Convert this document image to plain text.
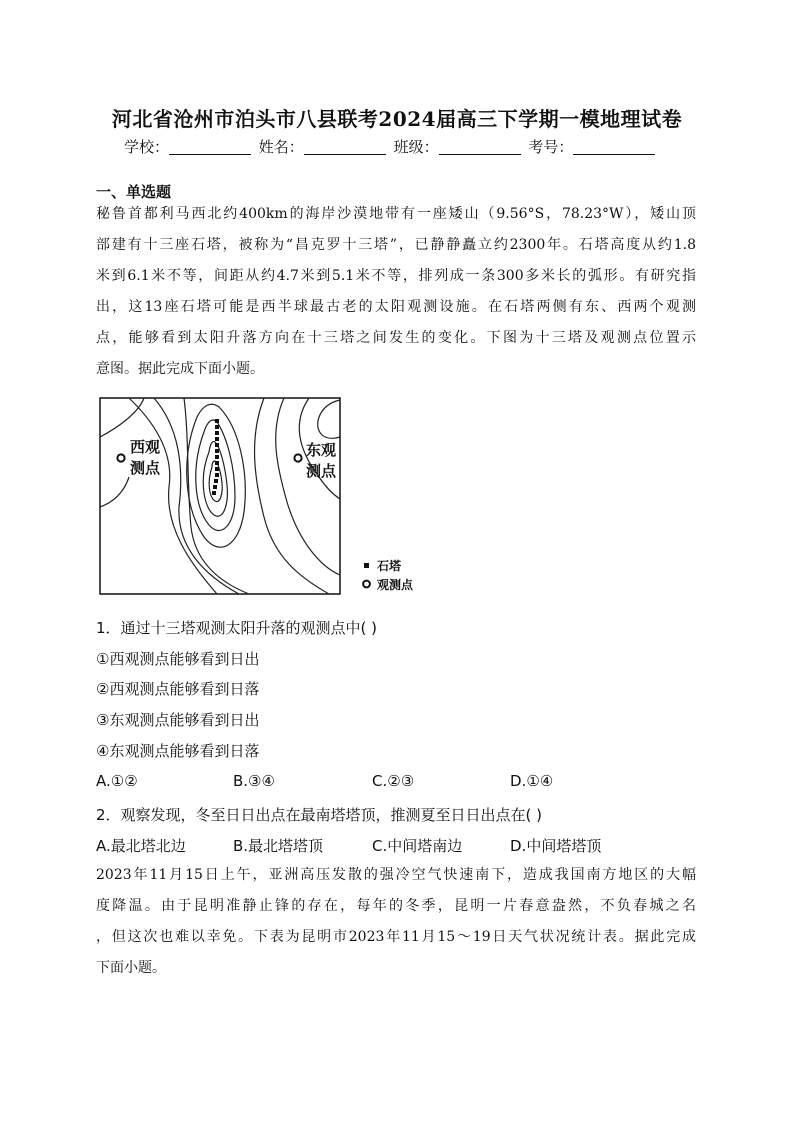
河北省沧州市泊头市八县联考2024届高三下学期一模地理试卷
学校：	姓名：	班级：	考号：
一、单选题
秘鲁首都利马西北约400km的海岸沙漠地带有一座矮山（9.56°S，78.23°W），矮山顶
部建有十三座石塔，被称为“昌克罗十三塔”，已静静矗立约2300年。石塔高度从约1.8
米到6.1米不等，间距从约4.7米到5.1米不等，排列成一条300多米长的弧形。有研究指
出，这13座石塔可能是西半球最古老的太阳观测设施。在石塔两侧有东、西两个观测
点，能够看到太阳升落方向在十三塔之间发生的变化。下图为十三塔及观测点位置示
意图。据此完成下面小题。
西观
测点
东观
测点
石塔
观测点
1．通过十三塔观测太阳升落的观测点中( )
①西观测点能够看到日出
②西观测点能够看到日落
③东观测点能够看到日出
④东观测点能够看到日落
A.①②	B.③④	C.②③	D.①④
2．观察发现，冬至日日出点在最南塔塔顶，推测夏至日日出点在( )
A.最北塔北边	B.最北塔塔顶	C.中间塔南边	D.中间塔塔顶
2023年11月15日上午，亚洲高压发散的强冷空气快速南下，造成我国南方地区的大幅
度降温。由于昆明准静止锋的存在，每年的冬季，昆明一片春意盎然，不负春城之名
，但这次也难以幸免。下表为昆明市2023年11月15～19日天气状况统计表。据此完成
下面小题。
